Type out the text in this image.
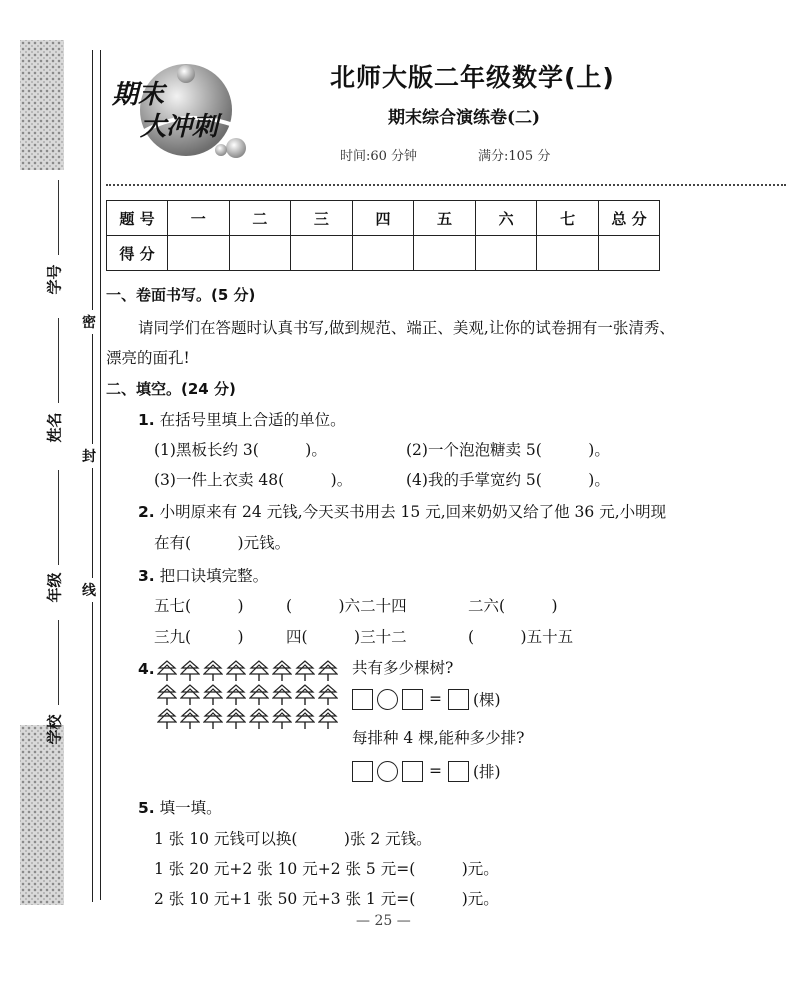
学号
姓名
年级
学校
密
封
线
期末
大冲刺
北师大版二年级数学(上)
期末综合演练卷(二)
时间:60 分钟	满分:105 分
题 号	一	二	三	四	五	六	七	总 分
得 分								
一、卷面书写。(5 分)
请同学们在答题时认真书写,做到规范、端正、美观,让你的试卷拥有一张清秀、
漂亮的面孔!
二、填空。(24 分)
1. 在括号里填上合适的单位。
(1)黑板长约 3(　　　)。	(2)一个泡泡糖卖 5(　　　)。
(3)一件上衣卖 48(　　　)。	(4)我的手掌宽约 5(　　　)。
2. 小明原来有 24 元钱,今天买书用去 15 元,回来奶奶又给了他 36 元,小明现
在有(　　　)元钱。
3. 把口诀填完整。
五七(　　　)	(　　　)六二十四	二六(　　　)
三九(　　　)	四(　　　)三十二	(　　　)五十五
4.	共有多少棵树?
= (棵)
每排种 4 棵,能种多少排?
= (排)
5. 填一填。
1 张 10 元钱可以换(　　　)张 2 元钱。
1 张 20 元+2 张 10 元+2 张 5 元=(　　　)元。
2 张 10 元+1 张 50 元+3 张 1 元=(　　　)元。
— 25 —
